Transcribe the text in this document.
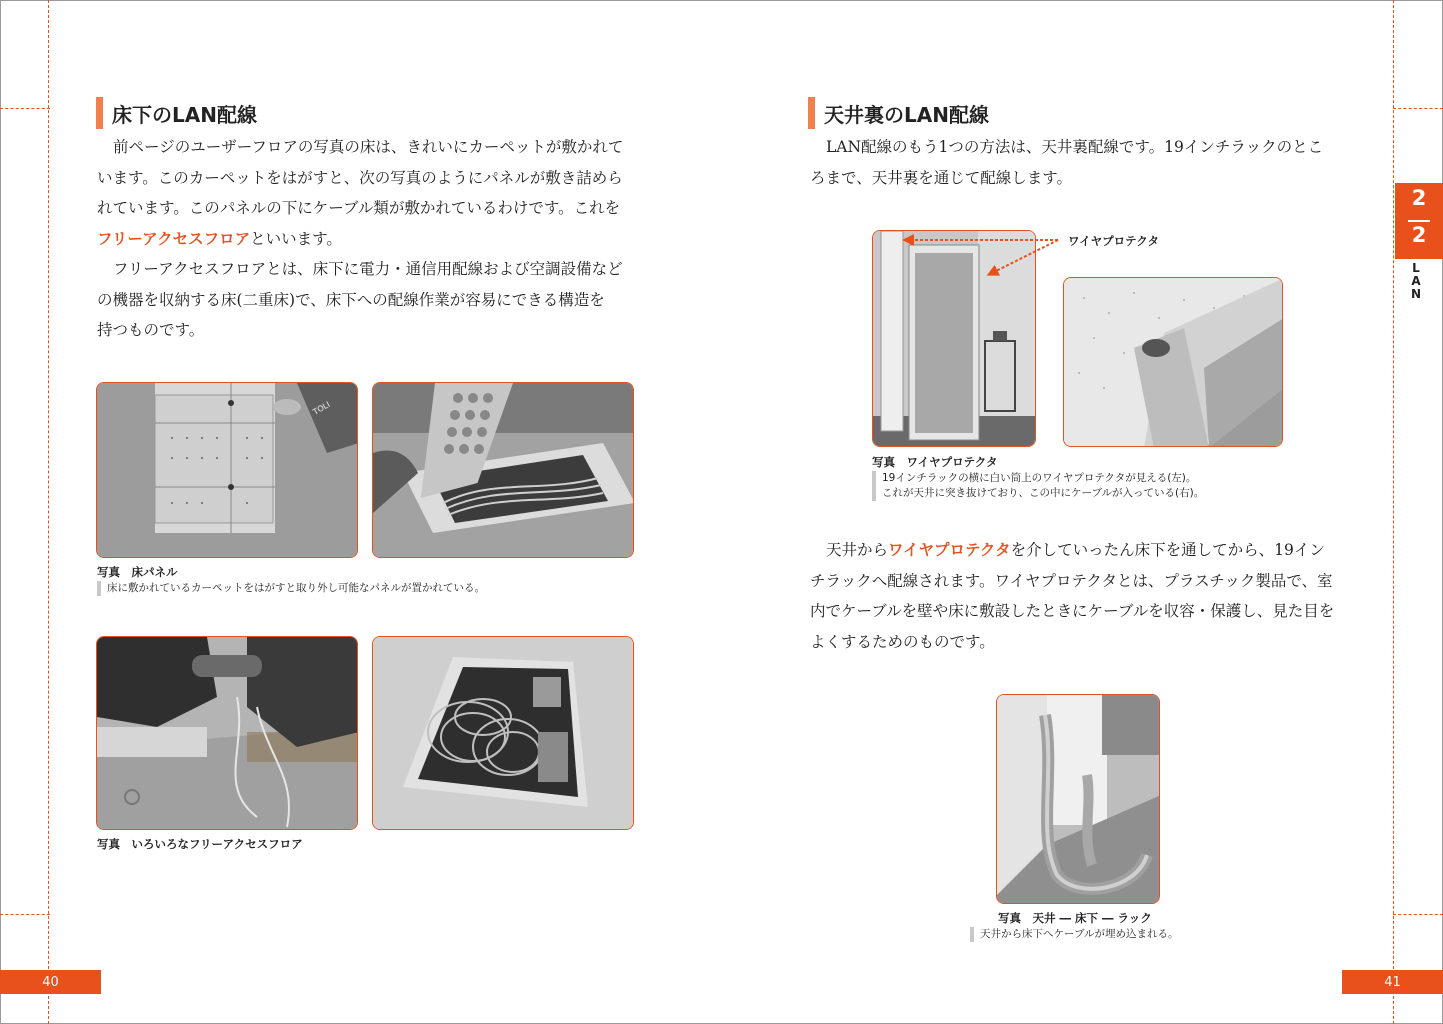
床下のLAN配線
前ページのユーザーフロアの写真の床は、きれいにカーペットが敷かれて
います。このカーペットをはがすと、次の写真のようにパネルが敷き詰めら
れています。このパネルの下にケーブル類が敷かれているわけです。これを
フリーアクセスフロアといいます。
フリーアクセスフロアとは、床下に電力・通信用配線および空調設備など
の機器を収納する床(二重床)で、床下への配線作業が容易にできる構造を
持つものです。
TOLI
写真　床パネル
床に敷かれているカーペットをはがすと取り外し可能なパネルが置かれている。
写真　いろいろなフリーアクセスフロア
40
天井裏のLAN配線
LAN配線のもう1つの方法は、天井裏配線です。19インチラックのとこ
ろまで、天井裏を通じて配線します。
ワイヤプロテクタ
写真　ワイヤプロテクタ
19インチラックの横に白い筒上のワイヤプロテクタが見える(左)。
これが天井に突き抜けており、この中にケーブルが入っている(右)。
天井からワイヤプロテクタを介していったん床下を通してから、19イン
チラックへ配線されます。ワイヤプロテクタとは、プラスチック製品で、室
内でケーブルを壁や床に敷設したときにケーブルを収容・保護し、見た目を
よくするためのものです。
写真　天井 ― 床下 ― ラック
天井から床下へケーブルが埋め込まれる。
2
2
L
A
N
41
